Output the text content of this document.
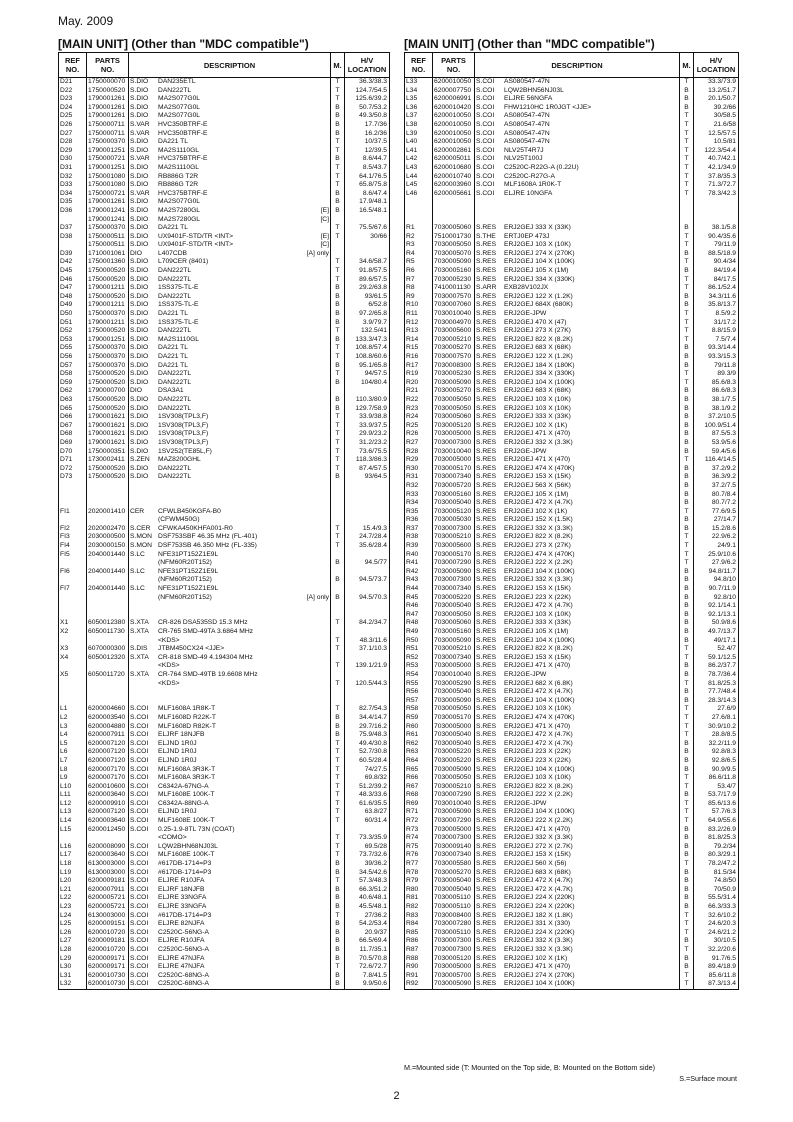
May. 2009
[MAIN UNIT] (Other than "MDC compatible")
REF
NO.	PARTS
NO.	DESCRIPTION	M.	H/V
LOCATION
D21	1750000070	S.DIO DAN235ETL	T	36.3/38.3
D22	1750000520	S.DIO DAN222TL	T	124.7/54.5
D23	1790001261	S.DIO MA2S077G0L	T	125.6/39.2
D24	1790001261	S.DIO MA2S077G0L	B	50.7/53.2
D25	1790001261	S.DIO MA2S077G0L	B	49.3/50.8
D26	1750000711	S.VAR HVC350BTRF-E	B	17.7/36
D27	1750000711	S.VAR HVC350BTRF-E	B	16.2/36
D28	1750000370	S.DIO DA221 TL	T	10/37.5
D29	1790001251	S.DIO MA2S1110GL	T	12/39.5
D30	1750000721	S.VAR HVC375BTRF-E	B	8.6/44.7
D31	1790001251	S.DIO MA2S1110GL	T	8.5/43.7
D32	1750001080	S.DIO RB886G T2R	T	64.1/76.5
D33	1750001080	S.DIO RB886G T2R	T	65.8/75.8
D34	1750000721	S.VAR HVC375BTRF-E	B	8.6/47.4
D35	1790001261	S.DIO MA2S077G0L	B	17.9/48.1
D36	1790001241	S.DIO MA2S7280GL [E]	B	16.5/48.1
	1790001241	S.DIO MA2S7280GL [C]		

D37	1750000370	S.DIO DA221 TL	T	75.5/67.6
D38	1750000511	S.DIO UX9401F-STD/TR <INT> [E]	T	30/66
	1750000511	S.DIO UX9401F-STD/TR <INT> [C]		

D39	1710001061	DIO L407CDB [A] only		

D42	1750001360	S.DIO L709CER (8401)	T	34.6/58.7
D45	1750000520	S.DIO DAN222TL	T	91.8/57.5
D46	1750000520	S.DIO DAN222TL	T	89.6/57.5
D47	1790001211	S.DIO 1SS375-TL-E	B	29.2/63.8
D48	1750000520	S.DIO DAN222TL	B	93/61.5
D49	1790001211	S.DIO 1SS375-TL-E	B	6/52.8
D50	1750000370	S.DIO DA221 TL	B	97.2/65.8
D51	1790001211	S.DIO 1SS375-TL-E	B	3.9/79.7
D52	1750000520	S.DIO DAN222TL	T	132.5/41
D53	1790001251	S.DIO MA2S1110GL	B	133.3/47.3
D55	1750000370	S.DIO DA221 TL	T	108.8/57.4
D56	1750000370	S.DIO DA221 TL	T	108.8/60.6
D57	1750000370	S.DIO DA221 TL	B	95.1/65.8
D58	1750000520	S.DIO DAN222TL	T	94/57.5
D59	1750000520	S.DIO DAN222TL	B	104/80.4
D62	1790000700	DIO DSA3A1		

D63	1750000520	S.DIO DAN222TL	B	110.3/80.9
D65	1750000520	S.DIO DAN222TL	B	129.7/58.9
D66	1790001621	S.DIO 1SV308(TPL3,F)	T	33.9/38.8
D67	1790001621	S.DIO 1SV308(TPL3,F)	T	33.9/37.5
D68	1790001621	S.DIO 1SV308(TPL3,F)	T	29.9/23.2
D69	1790001621	S.DIO 1SV308(TPL3,F)	T	31.2/23.2
D70	1750000351	S.DIO 1SV252(TE85L,F)	T	73.6/75.5
D71	1730002411	S.ZEN MAZ8200GHL	T	118.3/86.3
D72	1750000520	S.DIO DAN222TL	T	87.4/57.5
D73	1750000520	S.DIO DAN222TL	B	93/64.5

FI1	2020001410	CER CFWLB450KGFA-B0		

		(CFWM450G)		

FI2	2020002470	S.CER CFWKA450KHFA001-R0	T	15.4/9.3
FI3	2030000500	S.MON DSF753SBF 46.35 MHz (FL-401)	T	24.7/28.4
FI4	2030000150	S.MON DSF753SB 46.350 MHz (FL-335)	T	35.6/28.4
FI5	2040001440	S.LC NFE31PT152Z1E9L		

		(NFM60R20T152)	B	94.5/77
FI6	2040001440	S.LC NFE31PT152Z1E9L		

		(NFM60R20T152)	B	94.5/73.7
FI7	2040001440	S.LC NFE31PT152Z1E9L		

		(NFM60R20T152) [A] only	B	94.5/70.3

X1	6050012380	S.XTA CR-826 DSA535SD 15.3 MHz	T	84.2/34.7
X2	6050011730	S.XTA CR-765 SMD-49TA 3.6864 MHz		

		<KDS>	T	48.3/11.6
X3	6070000300	S.DIS JTBM450CX24 <JJE>	T	37.1/10.3
X4	6050012320	S.XTA CR-818 SMD-49 4.194304 MHz		

		<KDS>	T	139.1/21.9
X5	6050011720	S.XTA CR-764 SMD-49TB 19.6608 MHz		

		<KDS>	T	120.5/44.3

L1	6200004660	S.COI MLF1608A 1R8K-T	T	82.7/54.3
L2	6200003540	S.COI MLF1608D R22K-T	B	34.4/14.7
L3	6200004880	S.COI MLF1608D R82K-T	B	29.7/16.2
L4	6200007911	S.COI ELJRF 18NJFB	B	75.9/48.3
L5	6200007120	S.COI ELJND 1R0J	T	49.4/30.8
L6	6200007120	S.COI ELJND 1R0J	T	52.7/30.8
L7	6200007120	S.COI ELJND 1R0J	T	60.5/28.4
L8	6200007170	S.COI MLF1608A 3R3K-T	T	74/27.5
L9	6200007170	S.COI MLF1608A 3R3K-T	T	69.8/32
L10	6200010600	S.COI C6342A-67NG-A	T	51.2/39.2
L11	6200003640	S.COI MLF1608E 100K-T	T	48.3/33.6
L12	6200009910	S.COI C6342A-88NG-A	T	61.6/35.5
L13	6200007120	S.COI ELJND 1R0J	T	63.8/27
L14	6200003640	S.COI MLF1608E 100K-T	T	60/31.4
L15	6200012450	S.COI 0.25-1.9-8TL 73N (COAT)		

		<COMO>	T	73.3/35.9
L16	6200008090	S.COI LQW2BHN68NJ03L	T	69.5/28
L17	6200003640	S.COI MLF1608E 100K-T	T	73.7/32.6
L18	6130003000	S.COI #617DB-1714=P3	B	39/36.2
L19	6130003000	S.COI #617DB-1714=P3	B	34.5/42.6
L20	6200009181	S.COI ELJRE R10JFA	T	57.3/48.3
L21	6200007911	S.COI ELJRF 18NJFB	B	66.3/51.2
L22	6200005721	S.COI ELJRE 33NGFA	B	40.6/48.1
L23	6200005721	S.COI ELJRE 33NGFA	B	45.5/48.1
L24	6130003000	S.COI #617DB-1714=P3	T	27/36.2
L25	6200009151	S.COI ELJRE 82NJFA	B	54.2/53.4
L26	6200010720	S.COI C2520C-56NG-A	B	20.9/37
L27	6200009181	S.COI ELJRE R10JFA	B	66.5/69.4
L28	6200010720	S.COI C2520C-56NG-A	B	11.7/35.1
L29	6200009171	S.COI ELJRE 47NJFA	B	70.5/70.8
L30	6200009171	S.COI ELJRE 47NJFA	T	72.6/72.7
L31	6200010730	S.COI C2520C-68NG-A	B	7.8/41.5
L32	6200010730	S.COI C2520C-68NG-A	B	9.9/50.6
[MAIN UNIT] (Other than "MDC compatible")
REF
NO.	PARTS
NO.	DESCRIPTION	M.	H/V
LOCATION
L33	6200010050	S.COI AS080547-47N	T	33.3/73.9
L34	6200007750	S.COI LQW2BHN56NJ03L	B	13.2/51.7
L35	6200006991	S.COI ELJRE 56NGFA	B	20.1/50.7
L36	6200010420	S.COI FHW1210HC 1R0JGT <JJE>	B	39.2/66
L37	6200010050	S.COI AS080547-47N	T	30/58.5
L38	6200010050	S.COI AS080547-47N	T	21.6/58
L39	6200010050	S.COI AS080547-47N	T	12.5/57.5
L40	6200010050	S.COI AS080547-47N	T	10.5/81
L41	6200002861	S.COI NLV25T4R7J	T	122.3/54.4
L42	6200005011	S.COI NLV25T100J	T	40.7/42.1
L43	6200010680	S.COI C2520C-R22G-A (0.22U)	T	42.1/34.9
L44	6200010740	S.COI C2520C-R27G-A	T	37.8/35.3
L45	6200003960	S.COI MLF1608A 1R0K-T	T	71.3/72.7
L46	6200005661	S.COI ELJRE 10NGFA	T	78.3/42.3

R1	7030005060	S.RES ERJ2GEJ 333 X (33K)	B	38.1/5.8
R2	7510001730	S.THE ERTJ0EP 473J	T	90.4/35.6
R3	7030005050	S.RES ERJ2GEJ 103 X (10K)	T	79/11.9
R4	7030005070	S.RES ERJ2GEJ 274 X (270K)	B	88.5/18.9
R5	7030005090	S.RES ERJ2GEJ 104 X (100K)	T	90.4/34
R6	7030005160	S.RES ERJ2GEJ 105 X (1M)	B	84/19.4
R7	7030005230	S.RES ERJ2GEJ 334 X (330K)	T	84/17.5
R8	7410001130	S.ARR EXB28V102JX	T	86.1/52.4
R9	7030007570	S.RES ERJ2GEJ 122 X (1.2K)	B	34.3/11.6
R10	7030007060	S.RES ERJ2GEJ 684X (680K)	B	35.8/13.7
R11	7030010040	S.RES ERJ2GE-JPW	T	8.5/9.2
R12	7030004970	S.RES ERJ2GEJ 470 X (47)	T	31/17.2
R13	7030005600	S.RES ERJ2GEJ 273 X (27K)	T	8.8/15.9
R14	7030005210	S.RES ERJ2GEJ 822 X (8.2K)	T	7.5/7.4
R15	7030005270	S.RES ERJ2GEJ 683 X (68K)	B	93.3/14.4
R16	7030007570	S.RES ERJ2GEJ 122 X (1.2K)	B	93.3/15.3
R17	7030008300	S.RES ERJ2GEJ 184 X (180K)	B	79/11.8
R19	7030005230	S.RES ERJ2GEJ 334 X (330K)	T	89.3/9
R20	7030005090	S.RES ERJ2GEJ 104 X (100K)	T	85.6/8.3
R21	7030005270	S.RES ERJ2GEJ 683 X (68K)	B	86.6/8.3
R22	7030005050	S.RES ERJ2GEJ 103 X (10K)	B	38.1/7.5
R23	7030005050	S.RES ERJ2GEJ 103 X (10K)	B	38.1/9.2
R24	7030005060	S.RES ERJ2GEJ 333 X (33K)	B	37.2/10.5
R25	7030005120	S.RES ERJ2GEJ 102 X (1K)	B	100.9/51.4
R26	7030005000	S.RES ERJ2GEJ 471 X (470)	B	87.5/5.3
R27	7030007300	S.RES ERJ2GEJ 332 X (3.3K)	B	53.9/5.6
R28	7030010040	S.RES ERJ2GE-JPW	B	59.4/5.6
R29	7030005000	S.RES ERJ2GEJ 471 X (470)	T	116.4/14.5
R30	7030005170	S.RES ERJ2GEJ 474 X (470K)	B	37.2/9.2
R31	7030007340	S.RES ERJ2GEJ 153 X (15K)	B	36.3/9.2
R32	7030005720	S.RES ERJ2GEJ 563 X (56K)	B	37.2/7.5
R33	7030005160	S.RES ERJ2GEJ 105 X (1M)	B	80.7/8.4
R34	7030005040	S.RES ERJ2GEJ 472 X (4.7K)	B	80.7/7.2
R35	7030005120	S.RES ERJ2GEJ 102 X (1K)	T	77.6/9.5
R36	7030005030	S.RES ERJ2GEJ 152 X (1.5K)	B	27/14.7
R37	7030007300	S.RES ERJ2GEJ 332 X (3.3K)	B	15.2/8.6
R38	7030005210	S.RES ERJ2GEJ 822 X (8.2K)	T	22.9/6.2
R39	7030005600	S.RES ERJ2GEJ 273 X (27K)	T	24/9.1
R40	7030005170	S.RES ERJ2GEJ 474 X (470K)	T	25.9/10.6
R41	7030007290	S.RES ERJ2GEJ 222 X (2.2K)	T	27.9/6.2
R42	7030005090	S.RES ERJ2GEJ 104 X (100K)	B	94.8/11.7
R43	7030007300	S.RES ERJ2GEJ 332 X (3.3K)	B	94.8/10
R44	7030007340	S.RES ERJ2GEJ 153 X (15K)	B	90.7/11.9
R45	7030005220	S.RES ERJ2GEJ 223 X (22K)	B	92.8/10
R46	7030005040	S.RES ERJ2GEJ 472 X (4.7K)	B	92.1/14.1
R47	7030005050	S.RES ERJ2GEJ 103 X (10K)	B	92.1/13.1
R48	7030005060	S.RES ERJ2GEJ 333 X (33K)	B	50.9/8.6
R49	7030005160	S.RES ERJ2GEJ 105 X (1M)	B	49.7/13.7
R50	7030005090	S.RES ERJ2GEJ 104 X (100K)	B	49/17.1
R51	7030005210	S.RES ERJ2GEJ 822 X (8.2K)	T	52.4/7
R52	7030007340	S.RES ERJ2GEJ 153 X (15K)	T	59.1/12.5
R53	7030005000	S.RES ERJ2GEJ 471 X (470)	B	86.2/37.7
R54	7030010040	S.RES ERJ2GE-JPW	B	78.7/36.4
R55	7030005290	S.RES ERJ2GEJ 682 X (6.8K)	T	81.8/25.3
R56	7030005040	S.RES ERJ2GEJ 472 X (4.7K)	B	77.7/48.4
R57	7030005090	S.RES ERJ2GEJ 104 X (100K)	B	28.3/14.3
R58	7030005050	S.RES ERJ2GEJ 103 X (10K)	T	27.6/9
R59	7030005170	S.RES ERJ2GEJ 474 X (470K)	T	27.6/8.1
R60	7030005000	S.RES ERJ2GEJ 471 X (470)	T	30.9/10.2
R61	7030005040	S.RES ERJ2GEJ 472 X (4.7K)	T	28.8/8.5
R62	7030005040	S.RES ERJ2GEJ 472 X (4.7K)	B	32.2/11.9
R63	7030005220	S.RES ERJ2GEJ 223 X (22K)	B	92.8/8.3
R64	7030005220	S.RES ERJ2GEJ 223 X (22K)	B	92.8/6.5
R65	7030005090	S.RES ERJ2GEJ 104 X (100K)	B	90.9/9.5
R66	7030005050	S.RES ERJ2GEJ 103 X (10K)	T	86.6/11.8
R67	7030005210	S.RES ERJ2GEJ 822 X (8.2K)	T	53.4/7
R68	7030007290	S.RES ERJ2GEJ 222 X (2.2K)	B	53.7/17.9
R69	7030010040	S.RES ERJ2GE-JPW	T	85.6/13.6
R71	7030005090	S.RES ERJ2GEJ 104 X (100K)	T	57.7/6.3
R72	7030007290	S.RES ERJ2GEJ 222 X (2.2K)	T	64.9/55.6
R73	7030005000	S.RES ERJ2GEJ 471 X (470)	B	83.2/26.9
R74	7030007300	S.RES ERJ2GEJ 332 X (3.3K)	B	81.8/25.3
R75	7030009140	S.RES ERJ2GEJ 272 X (2.7K)	B	79.2/34
R76	7030007340	S.RES ERJ2GEJ 153 X (15K)	B	80.3/29.1
R77	7030005580	S.RES ERJ2GEJ 560 X (56)	T	78.2/47.2
R78	7030005270	S.RES ERJ2GEJ 683 X (68K)	B	81.5/34
R79	7030005040	S.RES ERJ2GEJ 472 X (4.7K)	B	74.8/50
R80	7030005040	S.RES ERJ2GEJ 472 X (4.7K)	B	70/50.9
R81	7030005110	S.RES ERJ2GEJ 224 X (220K)	B	55.5/31.4
R82	7030005110	S.RES ERJ2GEJ 224 X (220K)	B	66.3/33.3
R83	7030008400	S.RES ERJ2GEJ 182 X (1.8K)	T	32.6/10.2
R84	7030007280	S.RES ERJ2GEJ 331 X (330)	T	24.6/20.3
R85	7030005110	S.RES ERJ2GEJ 224 X (220K)	T	24.6/21.2
R86	7030007300	S.RES ERJ2GEJ 332 X (3.3K)	B	30/10.5
R87	7030007300	S.RES ERJ2GEJ 332 X (3.3K)	T	32.2/20.6
R88	7030005120	S.RES ERJ2GEJ 102 X (1K)	B	91.7/6.5
R90	7030005000	S.RES ERJ2GEJ 471 X (470)	B	89.4/18.9
R91	7030005700	S.RES ERJ2GEJ 274 X (270K)	T	85.6/11.8
R92	7030005090	S.RES ERJ2GEJ 104 X (100K)	T	87.3/13.4
M.=Mounted side (T: Mounted on the Top side, B: Mounted on the Bottom side)
S.=Surface mount
2
